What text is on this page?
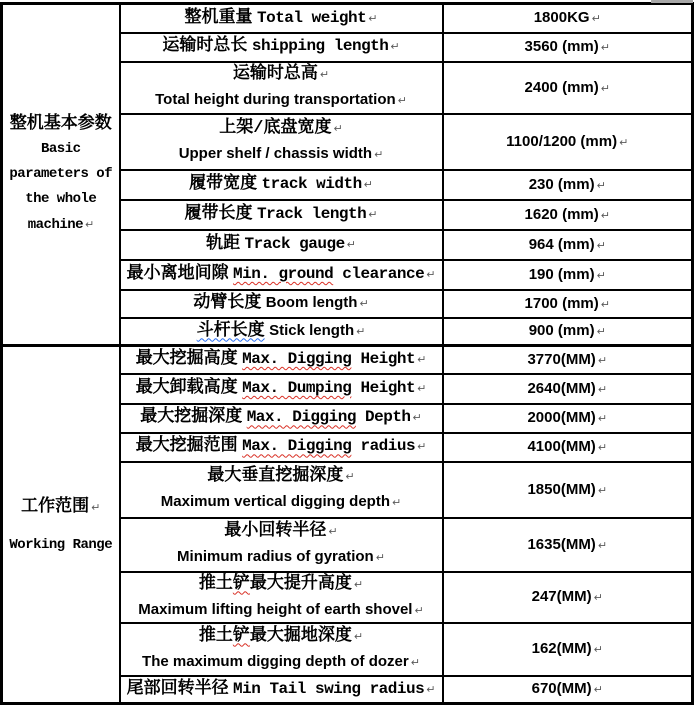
整机基本参数
Basic
parameters of
the whole
machine ↵	整机重量 Total weight ↵	1800KG ↵
	运输时总长 shipping length ↵	3560 (mm) ↵

	运输时总高 ↵
Total height during transportation ↵	2400 (mm) ↵

	上架/底盘宽度 ↵
Upper shelf / chassis width ↵	1100/1200 (mm) ↵
	履带宽度 track width ↵	230 (mm) ↵
	履带长度 Track length ↵	1620 (mm) ↵
	轨距 Track gauge ↵	964 (mm) ↵
	最小离地间隙 Min. ground clearance ↵	190 (mm) ↵
	动臂长度 Boom length ↵	1700 (mm) ↵
	斗杆长度 Stick length ↵	900 (mm) ↵

工作范围 ↵
Working Range	最大挖掘高度 Max. Digging Height ↵	3770(MM) ↵
	最大卸载高度 Max. Dumping Height ↵	2640(MM) ↵
	最大挖掘深度 Max. Digging Depth ↵	2000(MM) ↵
	最大挖掘范围 Max. Digging radius ↵	4100(MM) ↵

	最大垂直挖掘深度 ↵
Maximum vertical digging depth ↵	1850(MM) ↵

	最小回转半径 ↵
Minimum radius of gyration ↵	1635(MM) ↵

	推土铲最大提升高度 ↵
Maximum lifting height of earth shovel ↵	247(MM) ↵

	推土铲最大掘地深度 ↵
The maximum digging depth of dozer ↵	162(MM) ↵
	尾部回转半径 Min Tail swing radius ↵	670(MM) ↵
